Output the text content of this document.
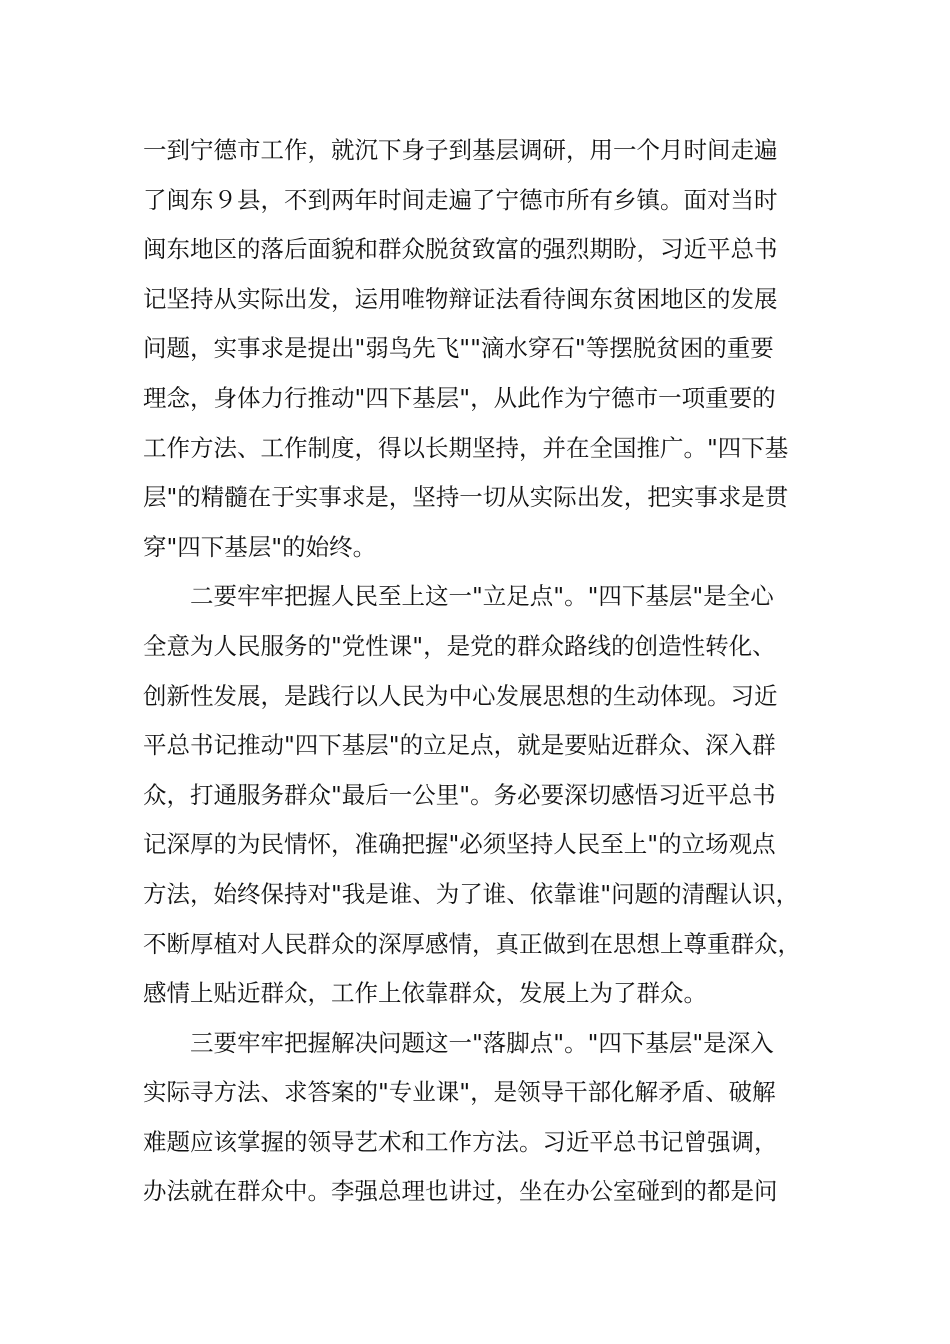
一到宁德市工作，就沉下身子到基层调研，用一个月时间走遍
了闽东９县，不到两年时间走遍了宁德市所有乡镇。面对当时
闽东地区的落后面貌和群众脱贫致富的强烈期盼，习近平总书
记坚持从实际出发，运用唯物辩证法看待闽东贫困地区的发展
问题，实事求是提出"弱鸟先飞""滴水穿石"等摆脱贫困的重要
理念，身体力行推动"四下基层"，从此作为宁德市一项重要的
工作方法、工作制度，得以长期坚持，并在全国推广。"四下基
层"的精髓在于实事求是，坚持一切从实际出发，把实事求是贯
穿"四下基层"的始终。
二要牢牢把握人民至上这一"立足点"。"四下基层"是全心
全意为人民服务的"党性课"，是党的群众路线的创造性转化、
创新性发展，是践行以人民为中心发展思想的生动体现。习近
平总书记推动"四下基层"的立足点，就是要贴近群众、深入群
众，打通服务群众"最后一公里"。务必要深切感悟习近平总书
记深厚的为民情怀，准确把握"必须坚持人民至上"的立场观点
方法，始终保持对"我是谁、为了谁、依靠谁"问题的清醒认识，
不断厚植对人民群众的深厚感情，真正做到在思想上尊重群众，
感情上贴近群众，工作上依靠群众，发展上为了群众。
三要牢牢把握解决问题这一"落脚点"。"四下基层"是深入
实际寻方法、求答案的"专业课"，是领导干部化解矛盾、破解
难题应该掌握的领导艺术和工作方法。习近平总书记曾强调，
办法就在群众中。李强总理也讲过，坐在办公室碰到的都是问
